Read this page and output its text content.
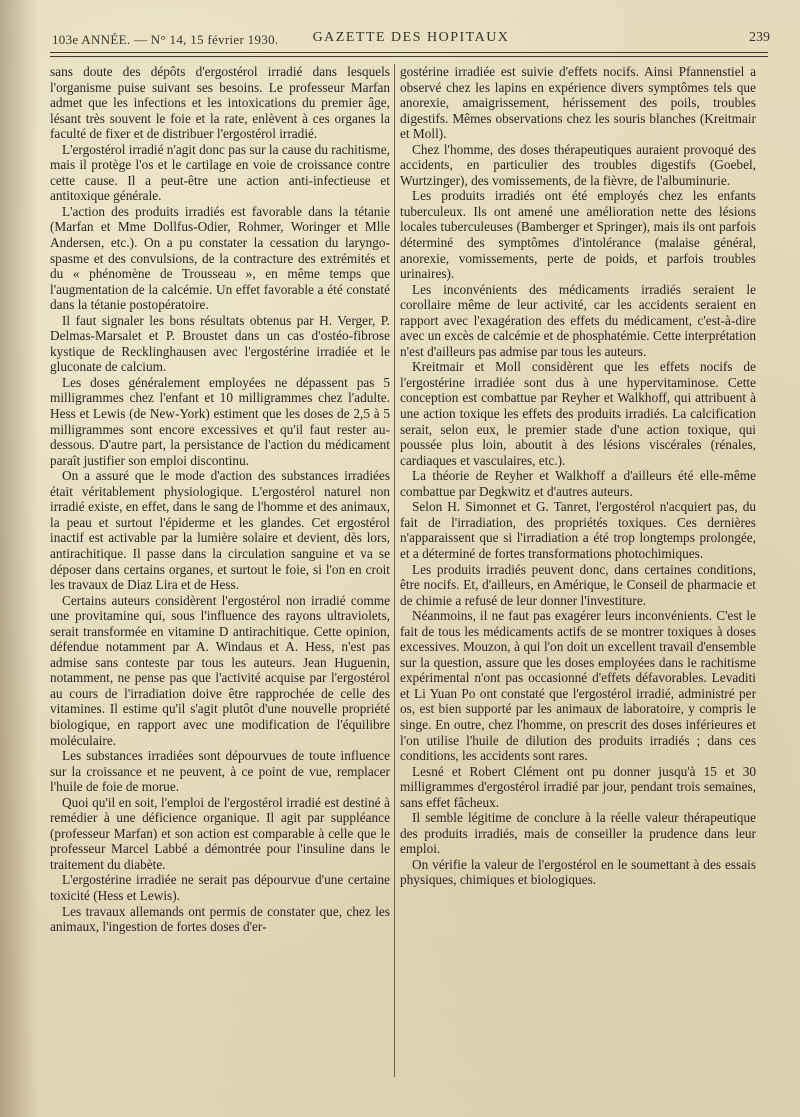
103e ANNÉE. — N° 14, 15 février 1930.	GAZETTE DES HOPITAUX	239

sans doute des dépôts d'ergostérol irradié dans lesquels l'organisme puise suivant ses besoins. Le professeur Marfan admet que les infections et les intoxications du premier âge, lésant très souvent le foie et la rate, enlèvent à ces organes la faculté de fixer et de distribuer l'ergostérol irradié.

L'ergostérol irradié n'agit donc pas sur la cause du rachitisme, mais il protège l'os et le cartilage en voie de croissance contre cette cause. Il a peut-être une action anti-infectieuse et antitoxique générale.

L'action des produits irradiés est favorable dans la tétanie (Marfan et Mme Dollfus-Odier, Rohmer, Woringer et Mlle Andersen, etc.). On a pu constater la cessation du laryngo-spasme et des convulsions, de la contracture des extrémités et du « phénomène de Trousseau », en même temps que l'augmentation de la calcémie. Un effet favorable a été constaté dans la tétanie postopératoire.

Il faut signaler les bons résultats obtenus par H. Verger, P. Delmas-Marsalet et P. Broustet dans un cas d'ostéo-fibrose kystique de Recklinghausen avec l'ergostérine irradiée et le gluconate de calcium.

Les doses généralement employées ne dépassent pas 5 milligrammes chez l'enfant et 10 milligrammes chez l'adulte. Hess et Lewis (de New-York) estiment que les doses de 2,5 à 5 milligrammes sont encore excessives et qu'il faut rester au-dessous. D'autre part, la persistance de l'action du médicament paraît justifier son emploi discontinu.

On a assuré que le mode d'action des substances irradiées était véritablement physiologique. L'ergostérol naturel non irradié existe, en effet, dans le sang de l'homme et des animaux, la peau et surtout l'épiderme et les glandes. Cet ergostérol inactif est activable par la lumière solaire et devient, dès lors, antirachitique. Il passe dans la circulation sanguine et va se déposer dans certains organes, et surtout le foie, si l'on en croit les travaux de Diaz Lira et de Hess.

Certains auteurs considèrent l'ergostérol non irradié comme une provitamine qui, sous l'influence des rayons ultraviolets, serait transformée en vitamine D antirachitique. Cette opinion, défendue notamment par A. Windaus et A. Hess, n'est pas admise sans conteste par tous les auteurs. Jean Huguenin, notamment, ne pense pas que l'activité acquise par l'ergostérol au cours de l'irradiation doive être rapprochée de celle des vitamines. Il estime qu'il s'agit plutôt d'une nouvelle propriété biologique, en rapport avec une modification de l'équilibre moléculaire.

Les substances irradiées sont dépourvues de toute influence sur la croissance et ne peuvent, à ce point de vue, remplacer l'huile de foie de morue.

Quoi qu'il en soit, l'emploi de l'ergostérol irradié est destiné à remédier à une déficience organique. Il agit par suppléance (professeur Marfan) et son action est comparable à celle que le professeur Marcel Labbé a démontrée pour l'insuline dans le traitement du diabète.

L'ergostérine irradiée ne serait pas dépourvue d'une certaine toxicité (Hess et Lewis).

Les travaux allemands ont permis de constater que, chez les animaux, l'ingestion de fortes doses d'er-

gostérine irradiée est suivie d'effets nocifs. Ainsi Pfannenstiel a observé chez les lapins en expérience divers symptômes tels que anorexie, amaigrissement, hérissement des poils, troubles digestifs. Mêmes observations chez les souris blanches (Kreitmair et Moll).

Chez l'homme, des doses thérapeutiques auraient provoqué des accidents, en particulier des troubles digestifs (Goebel, Wurtzinger), des vomissements, de la fièvre, de l'albuminurie.

Les produits irradiés ont été employés chez les enfants tuberculeux. Ils ont amené une amélioration nette des lésions locales tuberculeuses (Bamberger et Springer), mais ils ont parfois déterminé des symptômes d'intolérance (malaise général, anorexie, vomissements, perte de poids, et parfois troubles urinaires).

Les inconvénients des médicaments irradiés seraient le corollaire même de leur activité, car les accidents seraient en rapport avec l'exagération des effets du médicament, c'est-à-dire avec un excès de calcémie et de phosphatémie. Cette interprétation n'est d'ailleurs pas admise par tous les auteurs.

Kreitmair et Moll considèrent que les effets nocifs de l'ergostérine irradiée sont dus à une hypervitaminose. Cette conception est combattue par Reyher et Walkhoff, qui attribuent à une action toxique les effets des produits irradiés. La calcification serait, selon eux, le premier stade d'une action toxique, qui poussée plus loin, aboutit à des lésions viscérales (rénales, cardiaques et vasculaires, etc.).

La théorie de Reyher et Walkhoff a d'ailleurs été elle-même combattue par Degkwitz et d'autres auteurs.

Selon H. Simonnet et G. Tanret, l'ergostérol n'acquiert pas, du fait de l'irradiation, des propriétés toxiques. Ces dernières n'apparaissent que si l'irradiation a été trop longtemps prolongée, et a déterminé de fortes transformations photochimiques.

Les produits irradiés peuvent donc, dans certaines conditions, être nocifs. Et, d'ailleurs, en Amérique, le Conseil de pharmacie et de chimie a refusé de leur donner l'investiture.

Néanmoins, il ne faut pas exagérer leurs inconvénients. C'est le fait de tous les médicaments actifs de se montrer toxiques à doses excessives. Mouzon, à qui l'on doit un excellent travail d'ensemble sur la question, assure que les doses employées dans le rachitisme expérimental n'ont pas occasionné d'effets défavorables. Levaditi et Li Yuan Po ont constaté que l'ergostérol irradié, administré per os, est bien supporté par les animaux de laboratoire, y compris le singe. En outre, chez l'homme, on prescrit des doses inférieures et l'on utilise l'huile de dilution des produits irradiés ; dans ces conditions, les accidents sont rares.

Lesné et Robert Clément ont pu donner jusqu'à 15 et 30 milligrammes d'ergostérol irradié par jour, pendant trois semaines, sans effet fâcheux.

Il semble légitime de conclure à la réelle valeur thérapeutique des produits irradiés, mais de conseiller la prudence dans leur emploi.

On vérifie la valeur de l'ergostérol en le soumettant à des essais physiques, chimiques et biologiques.
